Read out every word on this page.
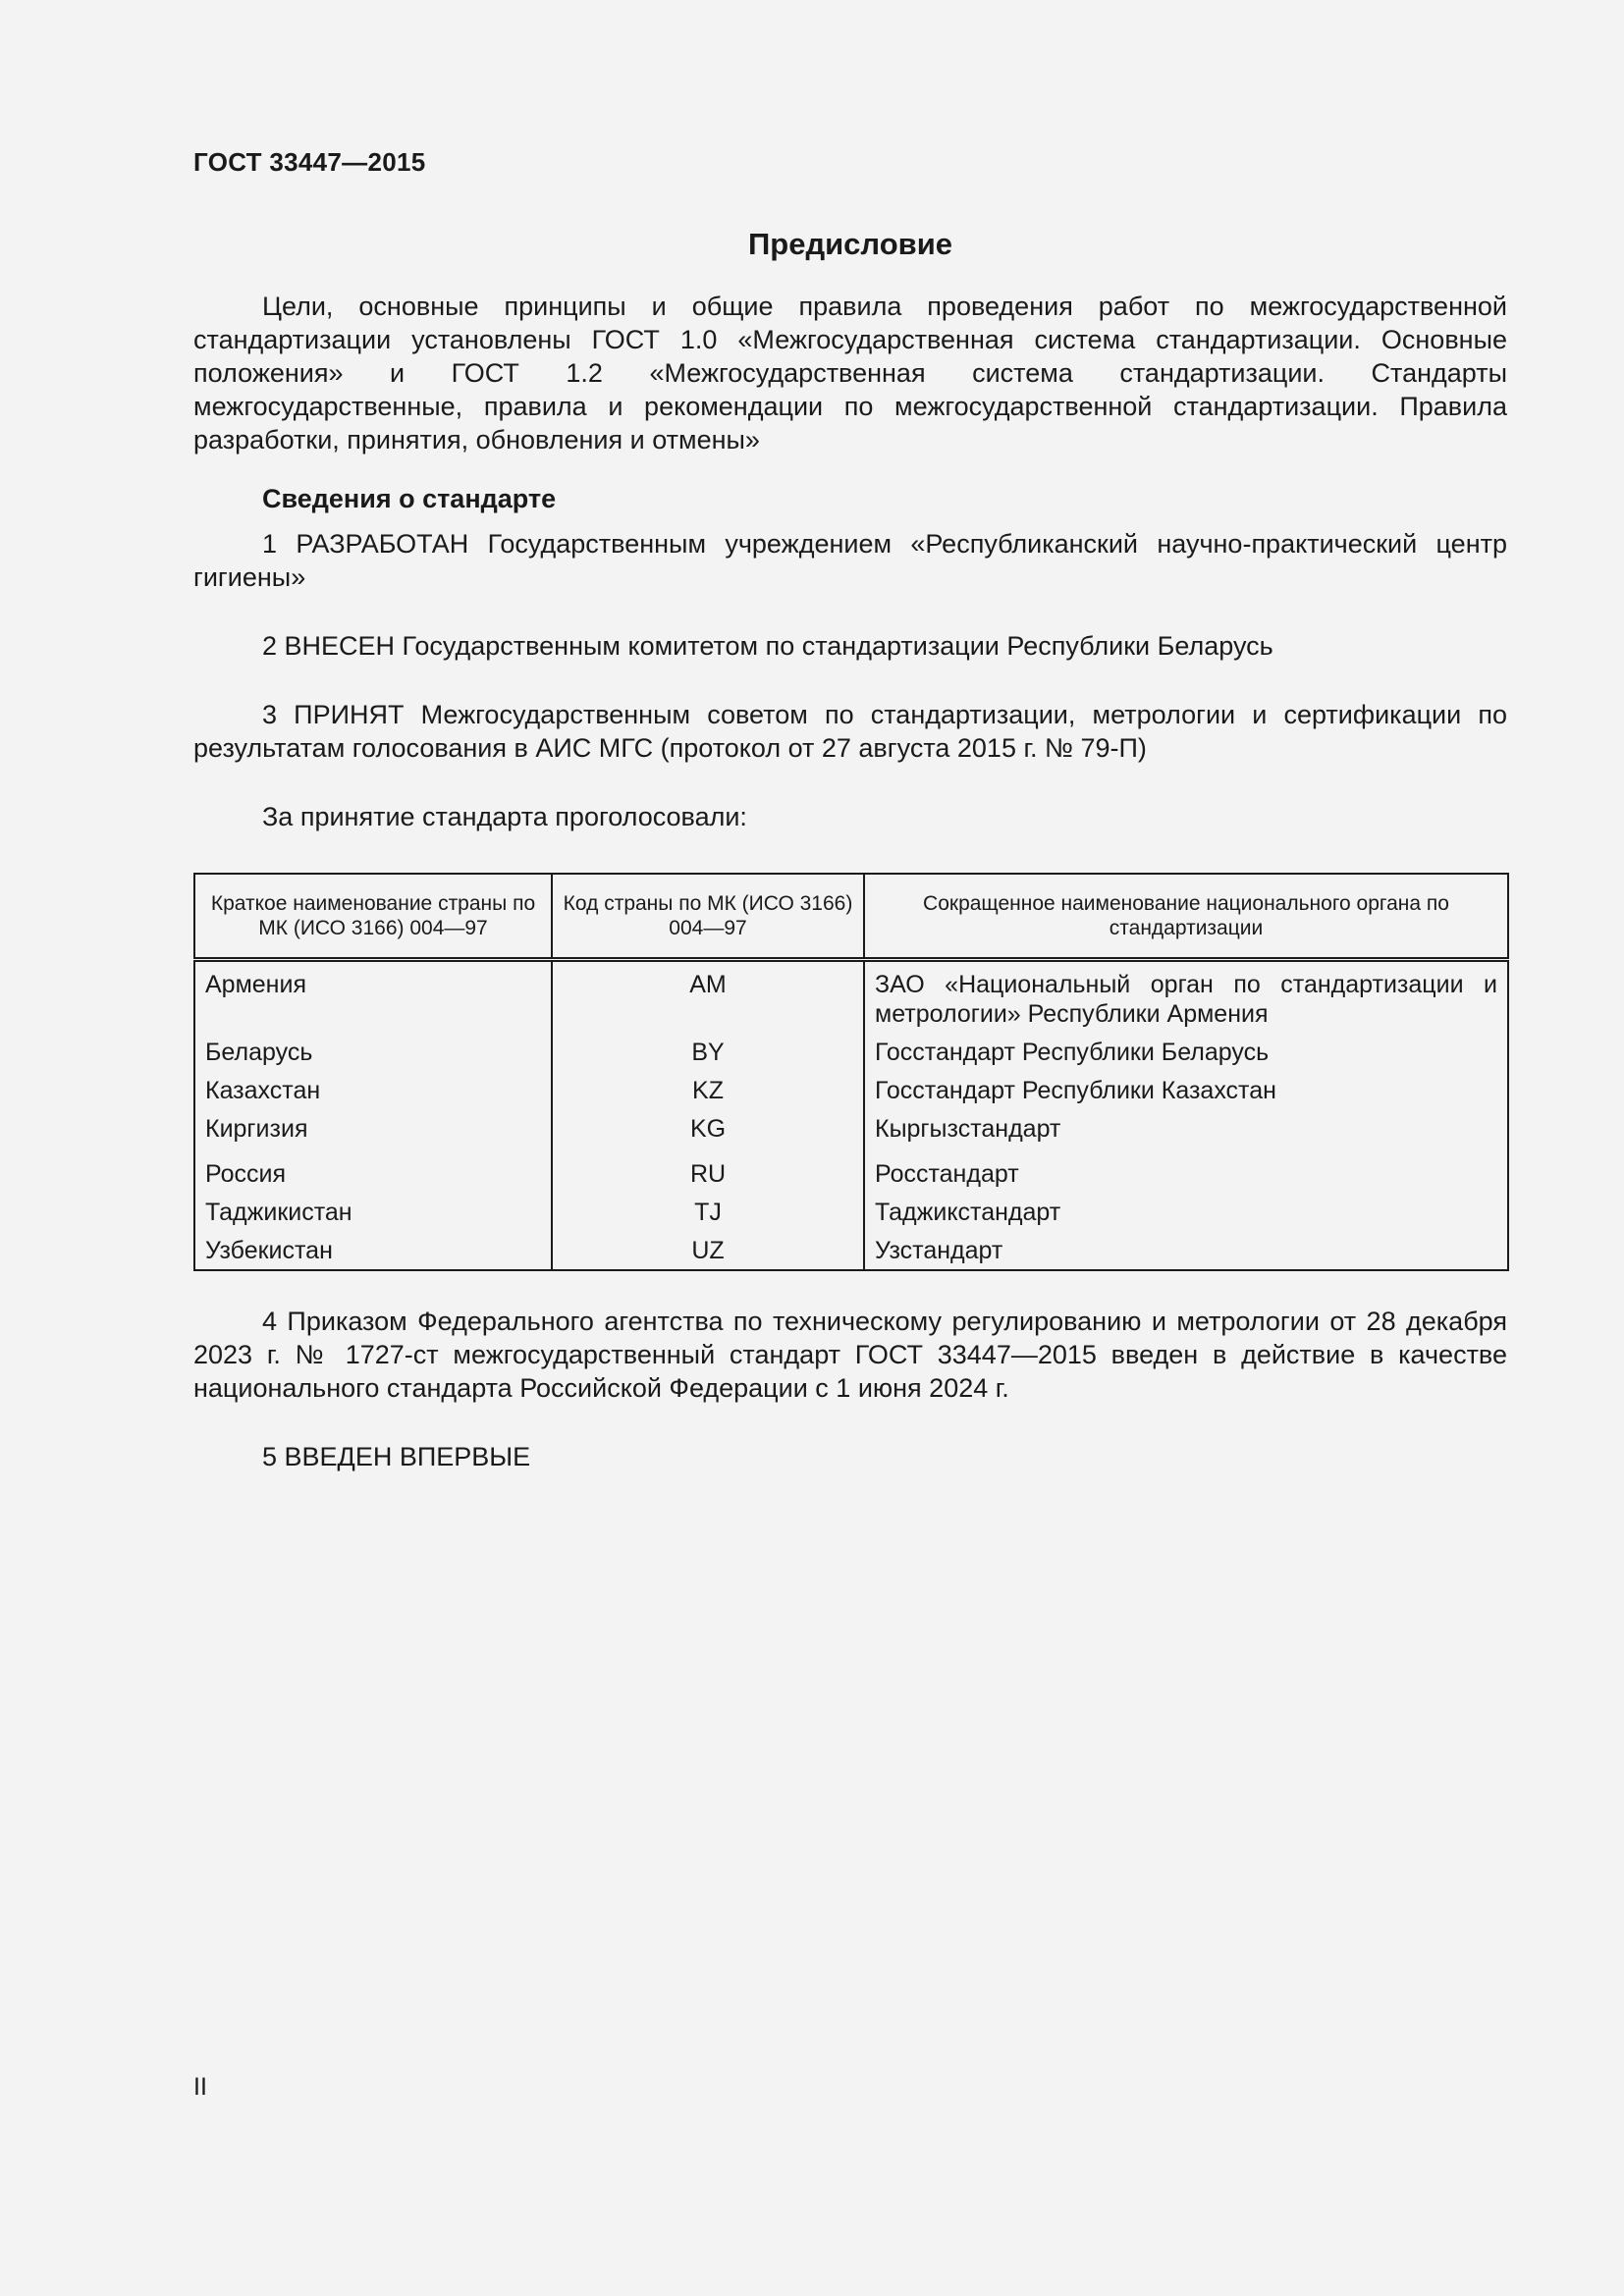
ГОСТ 33447—2015
Предисловие

Цели, основные принципы и общие правила проведения работ по межгосударственной стандартизации установлены ГОСТ 1.0 «Межгосударственная система стандартизации. Основные положения» и ГОСТ 1.2 «Межгосударственная система стандартизации. Стандарты межгосударственные, правила и рекомендации по межгосударственной стандартизации. Правила разработки, принятия, обновления и отмены»

Сведения о стандарте

1 РАЗРАБОТАН Государственным учреждением «Республиканский научно-практический центр гигиены»

2 ВНЕСЕН Государственным комитетом по стандартизации Республики Беларусь

3 ПРИНЯТ Межгосударственным советом по стандартизации, метрологии и сертификации по результатам голосования в АИС МГС (протокол от 27 августа 2015 г. № 79-П)

За принятие стандарта проголосовали:

Краткое наименование страны по МК (ИСО 3166) 004—97	Код страны по МК (ИСО 3166) 004—97	Сокращенное наименование национального органа по стандартизации
Армения	AM	ЗАО «Национальный орган по стандартизации и метрологии» Республики Армения
Беларусь	BY	Госстандарт Республики Беларусь
Казахстан	KZ	Госстандарт Республики Казахстан
Киргизия	KG	Кыргызстандарт
Россия	RU	Росстандарт
Таджикистан	TJ	Таджикстандарт
Узбекистан	UZ	Узстандарт

4 Приказом Федерального агентства по техническому регулированию и метрологии от 28 декабря 2023 г. № 1727-ст межгосударственный стандарт ГОСТ 33447—2015 введен в действие в качестве национального стандарта Российской Федерации с 1 июня 2024 г.

5 ВВЕДЕН ВПЕРВЫЕ

II
